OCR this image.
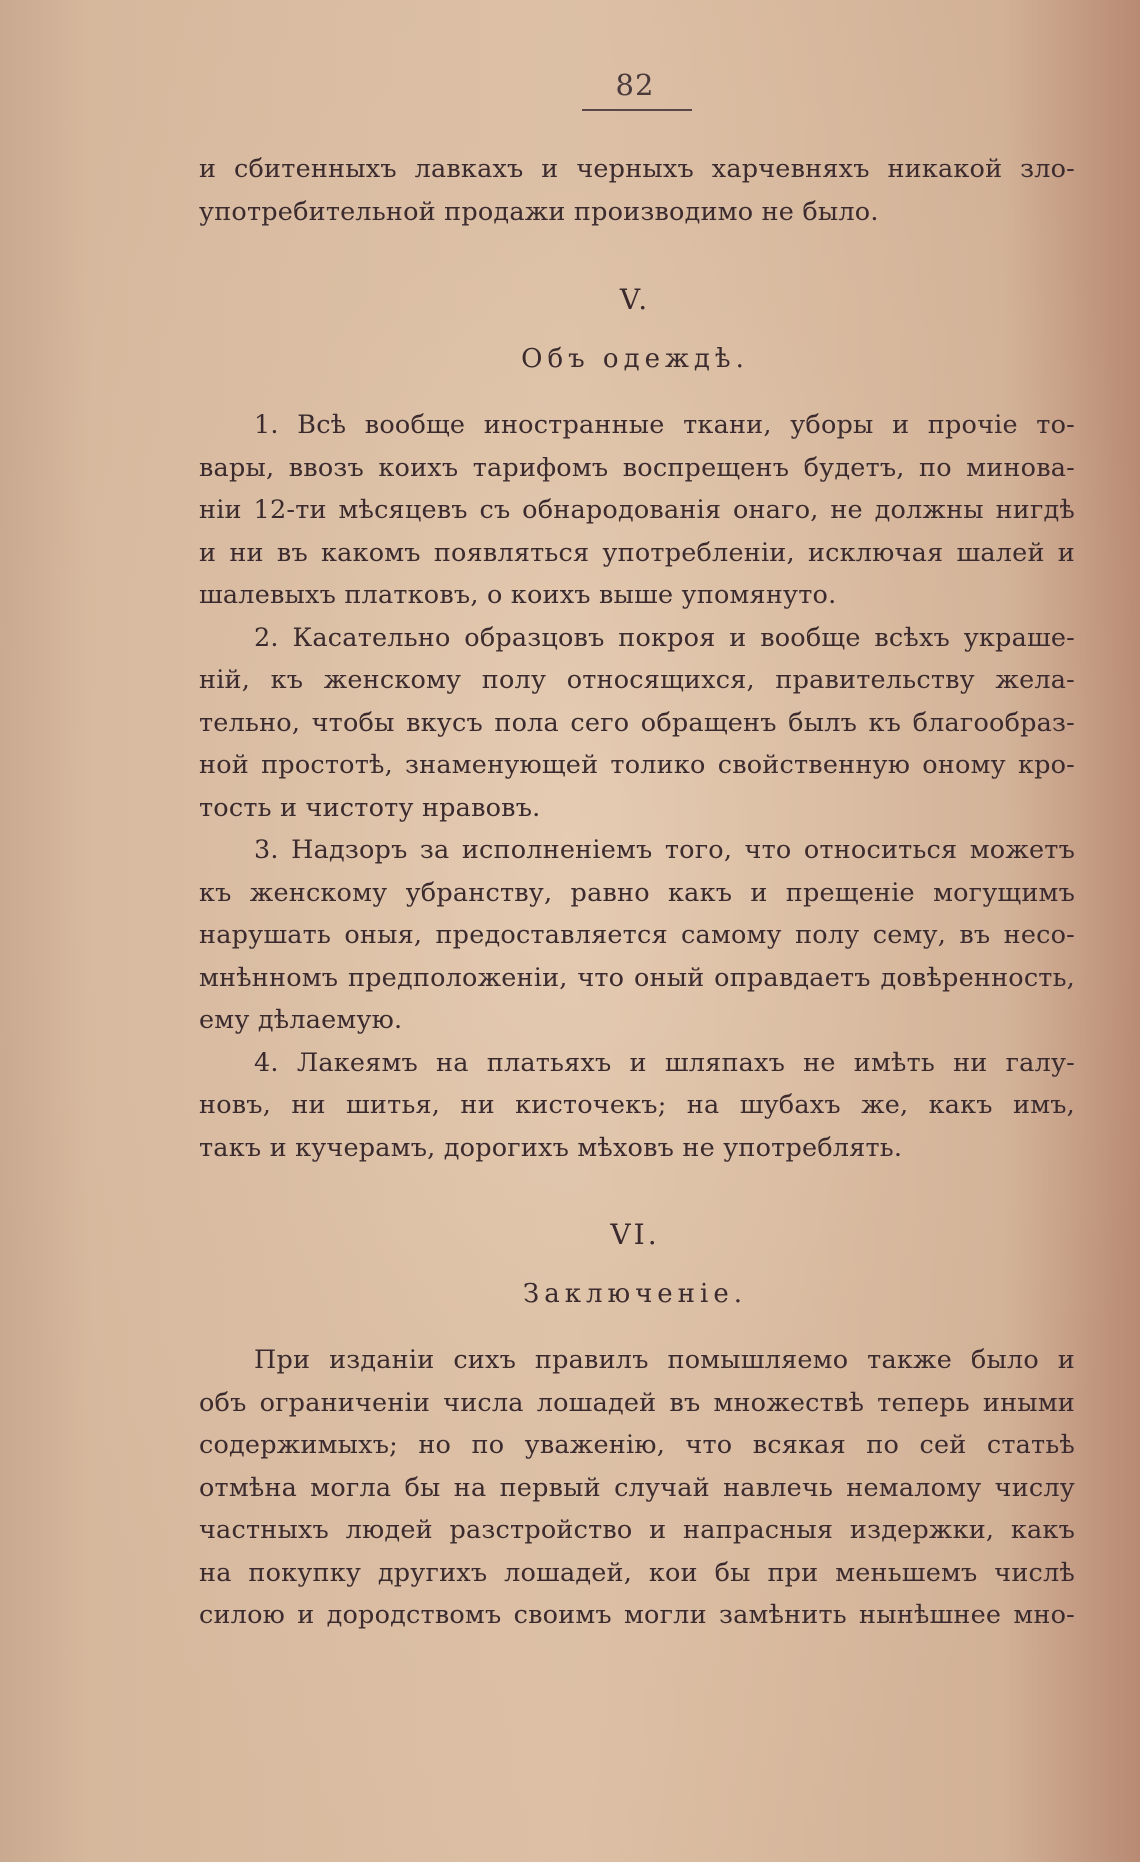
82

и сбитенныхъ лавкахъ и черныхъ харчевняхъ никакой зло-

употребительной продажи производимо не было.

V.
Объ одеждѣ.

1. Всѣ вообще иностранные ткани, уборы и прочіе то-

вары, ввозъ коихъ тарифомъ воспрещенъ будетъ, по минова-

ніи 12-ти мѣсяцевъ съ обнародованія онаго, не должны нигдѣ

и ни въ какомъ появляться употребленіи, исключая шалей и

шалевыхъ платковъ, о коихъ выше упомянуто.

2. Касательно образцовъ покроя и вообще всѣхъ украше-

ній, къ женскому полу относящихся, правительству жела-

тельно, чтобы вкусъ пола сего обращенъ былъ къ благообраз-

ной простотѣ, знаменующей толико свойственную оному кро-

тость и чистоту нравовъ.

3. Надзоръ за исполненіемъ того, что относиться можетъ

къ женскому убранству, равно какъ и прещеніе могущимъ

нарушать оныя, предоставляется самому полу сему, въ несо-

мнѣнномъ предположеніи, что оный оправдаетъ довѣренность,

ему дѣлаемую.

4. Лакеямъ на платьяхъ и шляпахъ не имѣть ни галу-

новъ, ни шитья, ни кисточекъ; на шубахъ же, какъ имъ,

такъ и кучерамъ, дорогихъ мѣховъ не употреблять.

VI.
Заключеніе.

При изданіи сихъ правилъ помышляемо также было и

объ ограниченіи числа лошадей въ множествѣ теперь иными

содержимыхъ; но по уваженію, что всякая по сей статьѣ

отмѣна могла бы на первый случай навлечь немалому числу

частныхъ людей разстройство и напрасныя издержки, какъ

на покупку другихъ лошадей, кои бы при меньшемъ числѣ

силою и дородствомъ своимъ могли замѣнить нынѣшнее мно-
